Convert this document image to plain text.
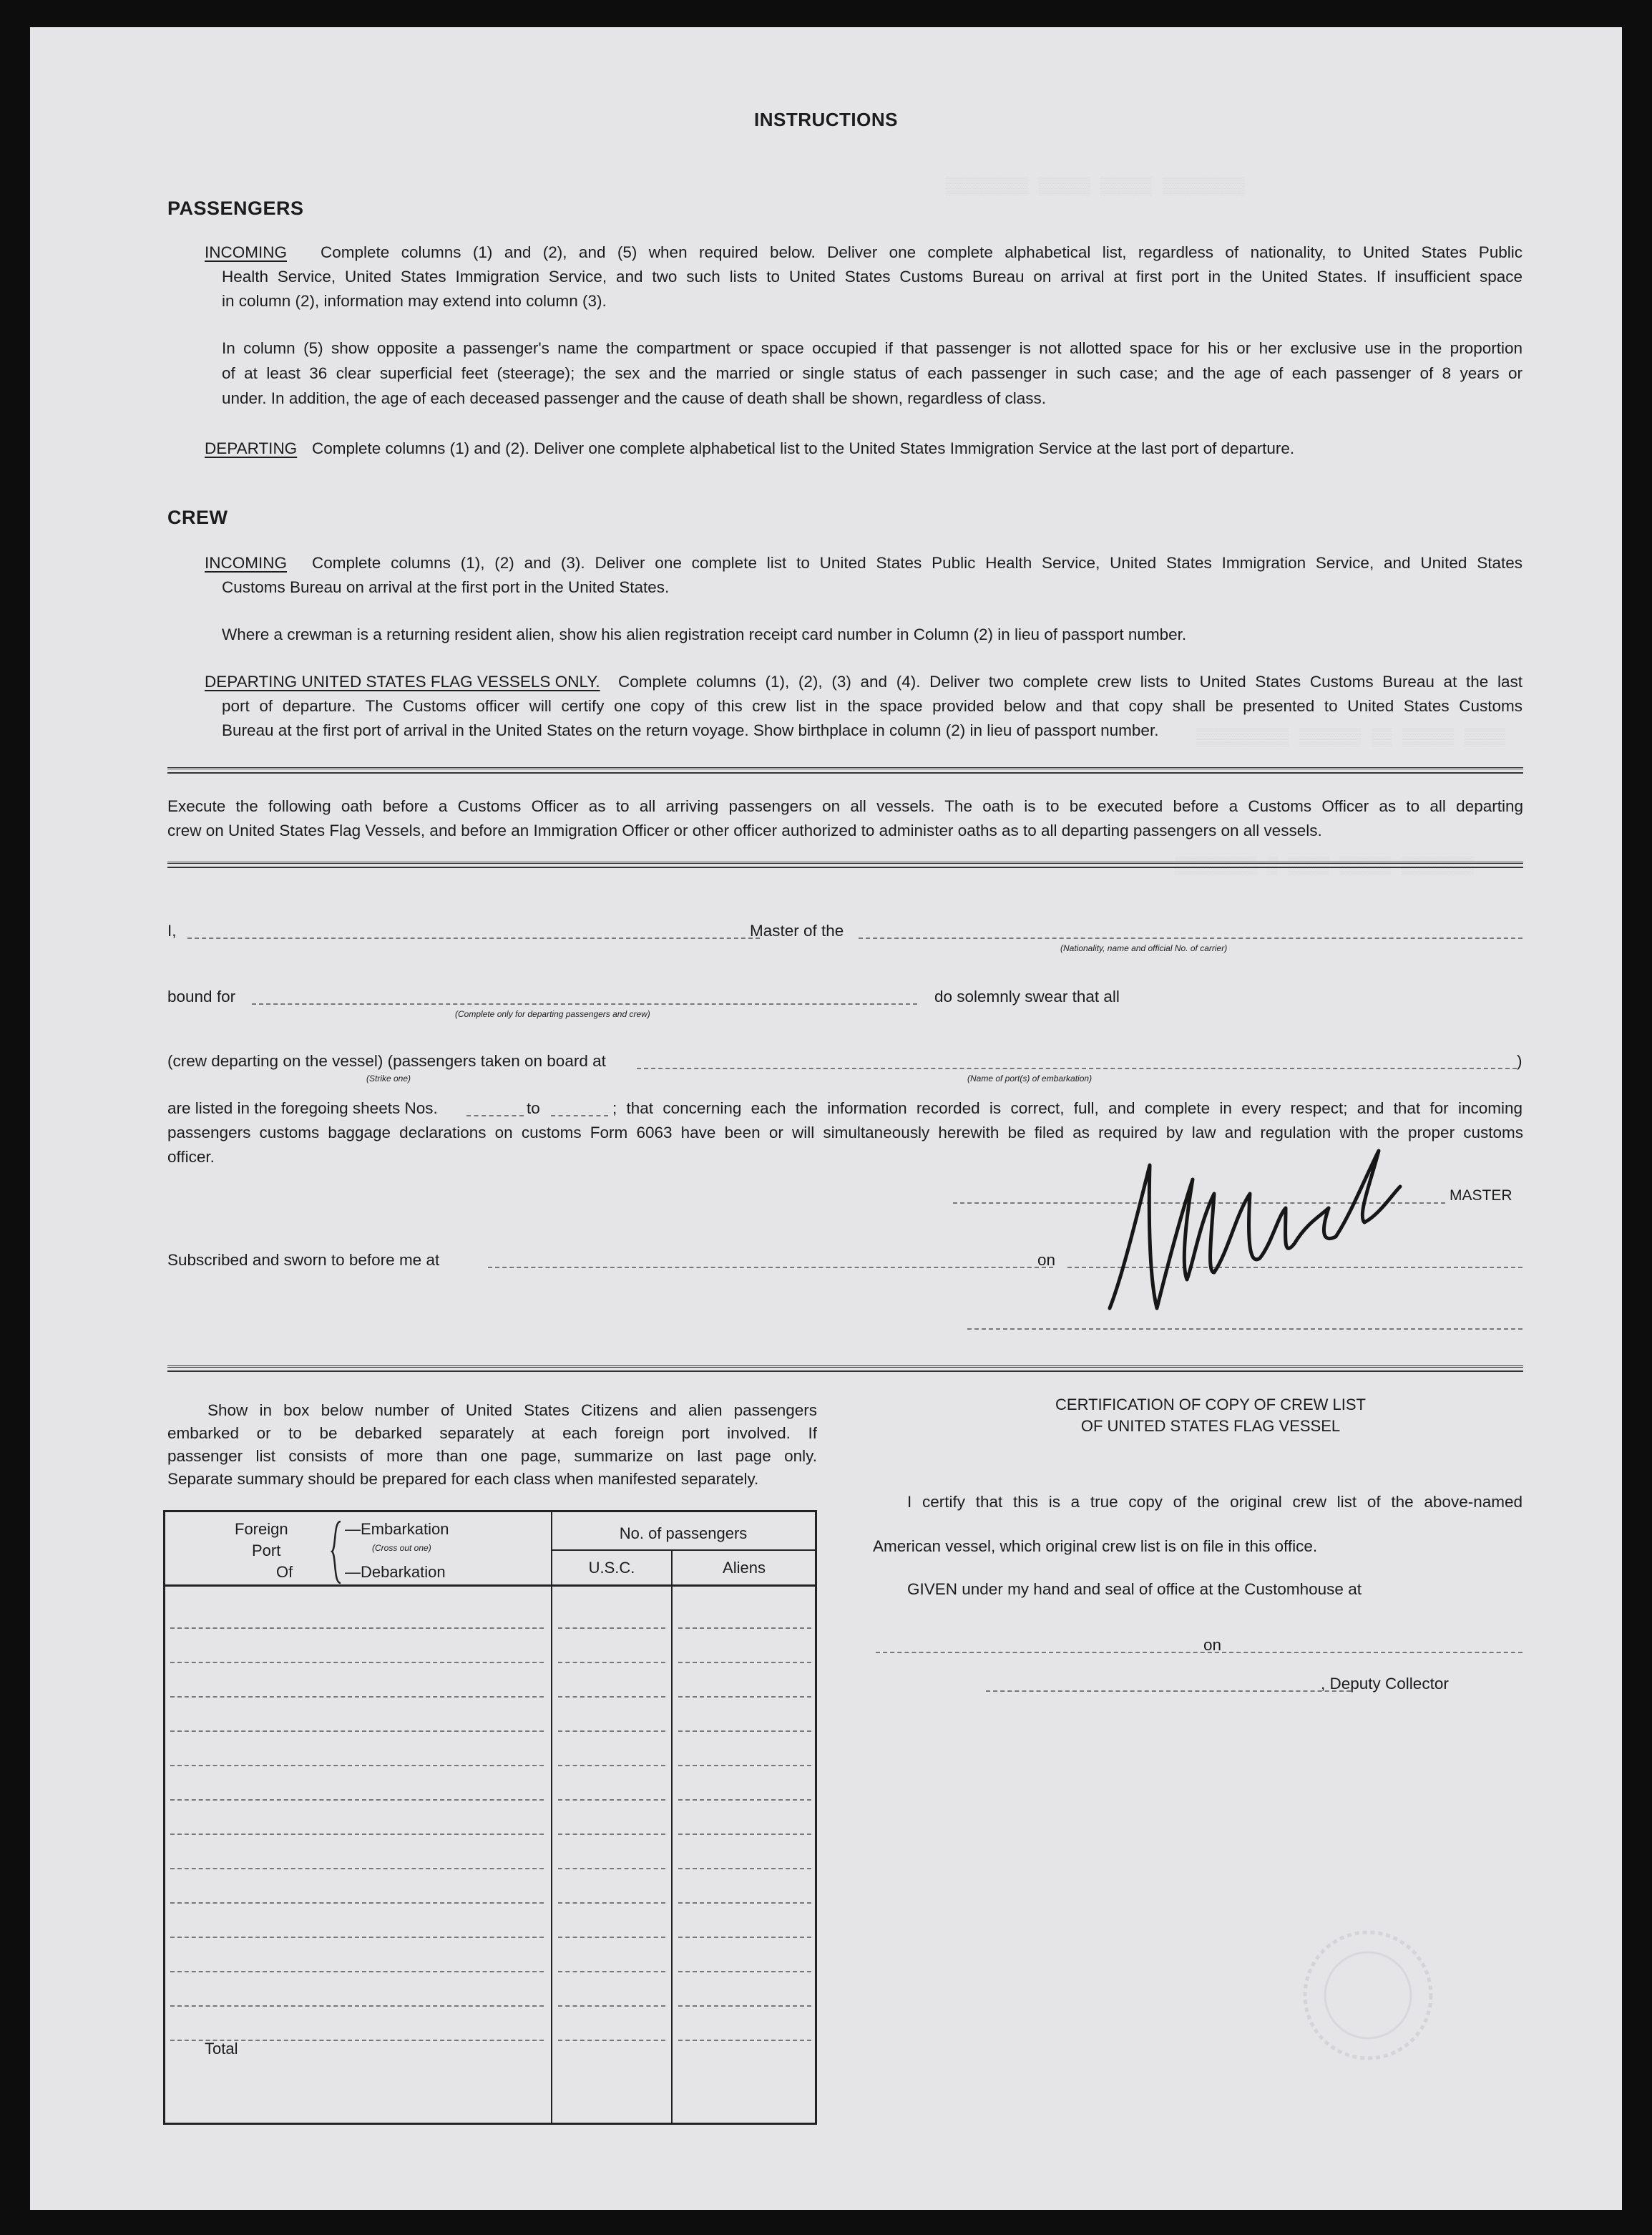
▒▒▒▒▒▒▒▒ ▒▒▒▒▒ ▒▒▒▒▒ ▒▒▒▒▒▒▒▒
▒▒▒▒▒▒▒▒▒ ▒▒▒▒▒▒ ▒▒ ▒▒▒▒▒ ▒▒▒▒
▒▒▒▒▒▒▒▒ ▒ ▒▒▒▒ ▒▒▒▒▒ ▒▒▒▒▒▒▒
INSTRUCTIONS
PASSENGERS
INCOMING Complete columns (1) and (2), and (5) when required below. Deliver one complete alphabetical list, regardless of nationality, to United States Public
Health Service, United States Immigration Service, and two such lists to United States Customs Bureau on arrival at first port in the United States. If insufficient space
in column (2), information may extend into column (3).
In column (5) show opposite a passenger's name the compartment or space occupied if that passenger is not allotted space for his or her exclusive use in the proportion
of at least 36 clear superficial feet (steerage); the sex and the married or single status of each passenger in such case; and the age of each passenger of 8 years or
under. In addition, the age of each deceased passenger and the cause of death shall be shown, regardless of class.
DEPARTING Complete columns (1) and (2). Deliver one complete alphabetical list to the United States Immigration Service at the last port of departure.
CREW
INCOMING Complete columns (1), (2) and (3). Deliver one complete list to United States Public Health Service, United States Immigration Service, and United States
Customs Bureau on arrival at the first port in the United States.
Where a crewman is a returning resident alien, show his alien registration receipt card number in Column (2) in lieu of passport number.
DEPARTING UNITED STATES FLAG VESSELS ONLY. Complete columns (1), (2), (3) and (4). Deliver two complete crew lists to United States Customs Bureau at the last
port of departure. The Customs officer will certify one copy of this crew list in the space provided below and that copy shall be presented to United States Customs
Bureau at the first port of arrival in the United States on the return voyage. Show birthplace in column (2) in lieu of passport number.
Execute the following oath before a Customs Officer as to all arriving passengers on all vessels. The oath is to be executed before a Customs Officer as to all departing
crew on United States Flag Vessels, and before an Immigration Officer or other officer authorized to administer oaths as to all departing passengers on all vessels.
I,	Master of the
(Nationality, name and official No. of carrier)
bound for
(Complete only for departing passengers and crew)
do solemnly swear that all
(crew departing on the vessel) (passengers taken on board at	)
(Strike one)	(Name of port(s) of embarkation)
are listed in the foregoing sheets Nos.	to	; that concerning each the information recorded is correct, full, and complete in every respect; and that for incoming
passengers customs baggage declarations on customs Form 6063 have been or will simultaneously herewith be filed as required by law and regulation with the proper customs
officer.
MASTER
Subscribed and sworn to before me at	on
Show in box below number of United States Citizens and alien passengers
embarked or to be debarked separately at each foreign port involved. If
passenger list consists of more than one page, summarize on last page only.
Separate summary should be prepared for each class when manifested separately.
Foreign
Port
Of
—Embarkation
(Cross out one)
—Debarkation
No. of passengers
U.S.C.	Aliens
Total
CERTIFICATION OF COPY OF CREW LIST
OF UNITED STATES FLAG VESSEL
I certify that this is a true copy of the original crew list of the above-named
American vessel, which original crew list is on file in this office.
GIVEN under my hand and seal of office at the Customhouse at
on
, Deputy Collector
